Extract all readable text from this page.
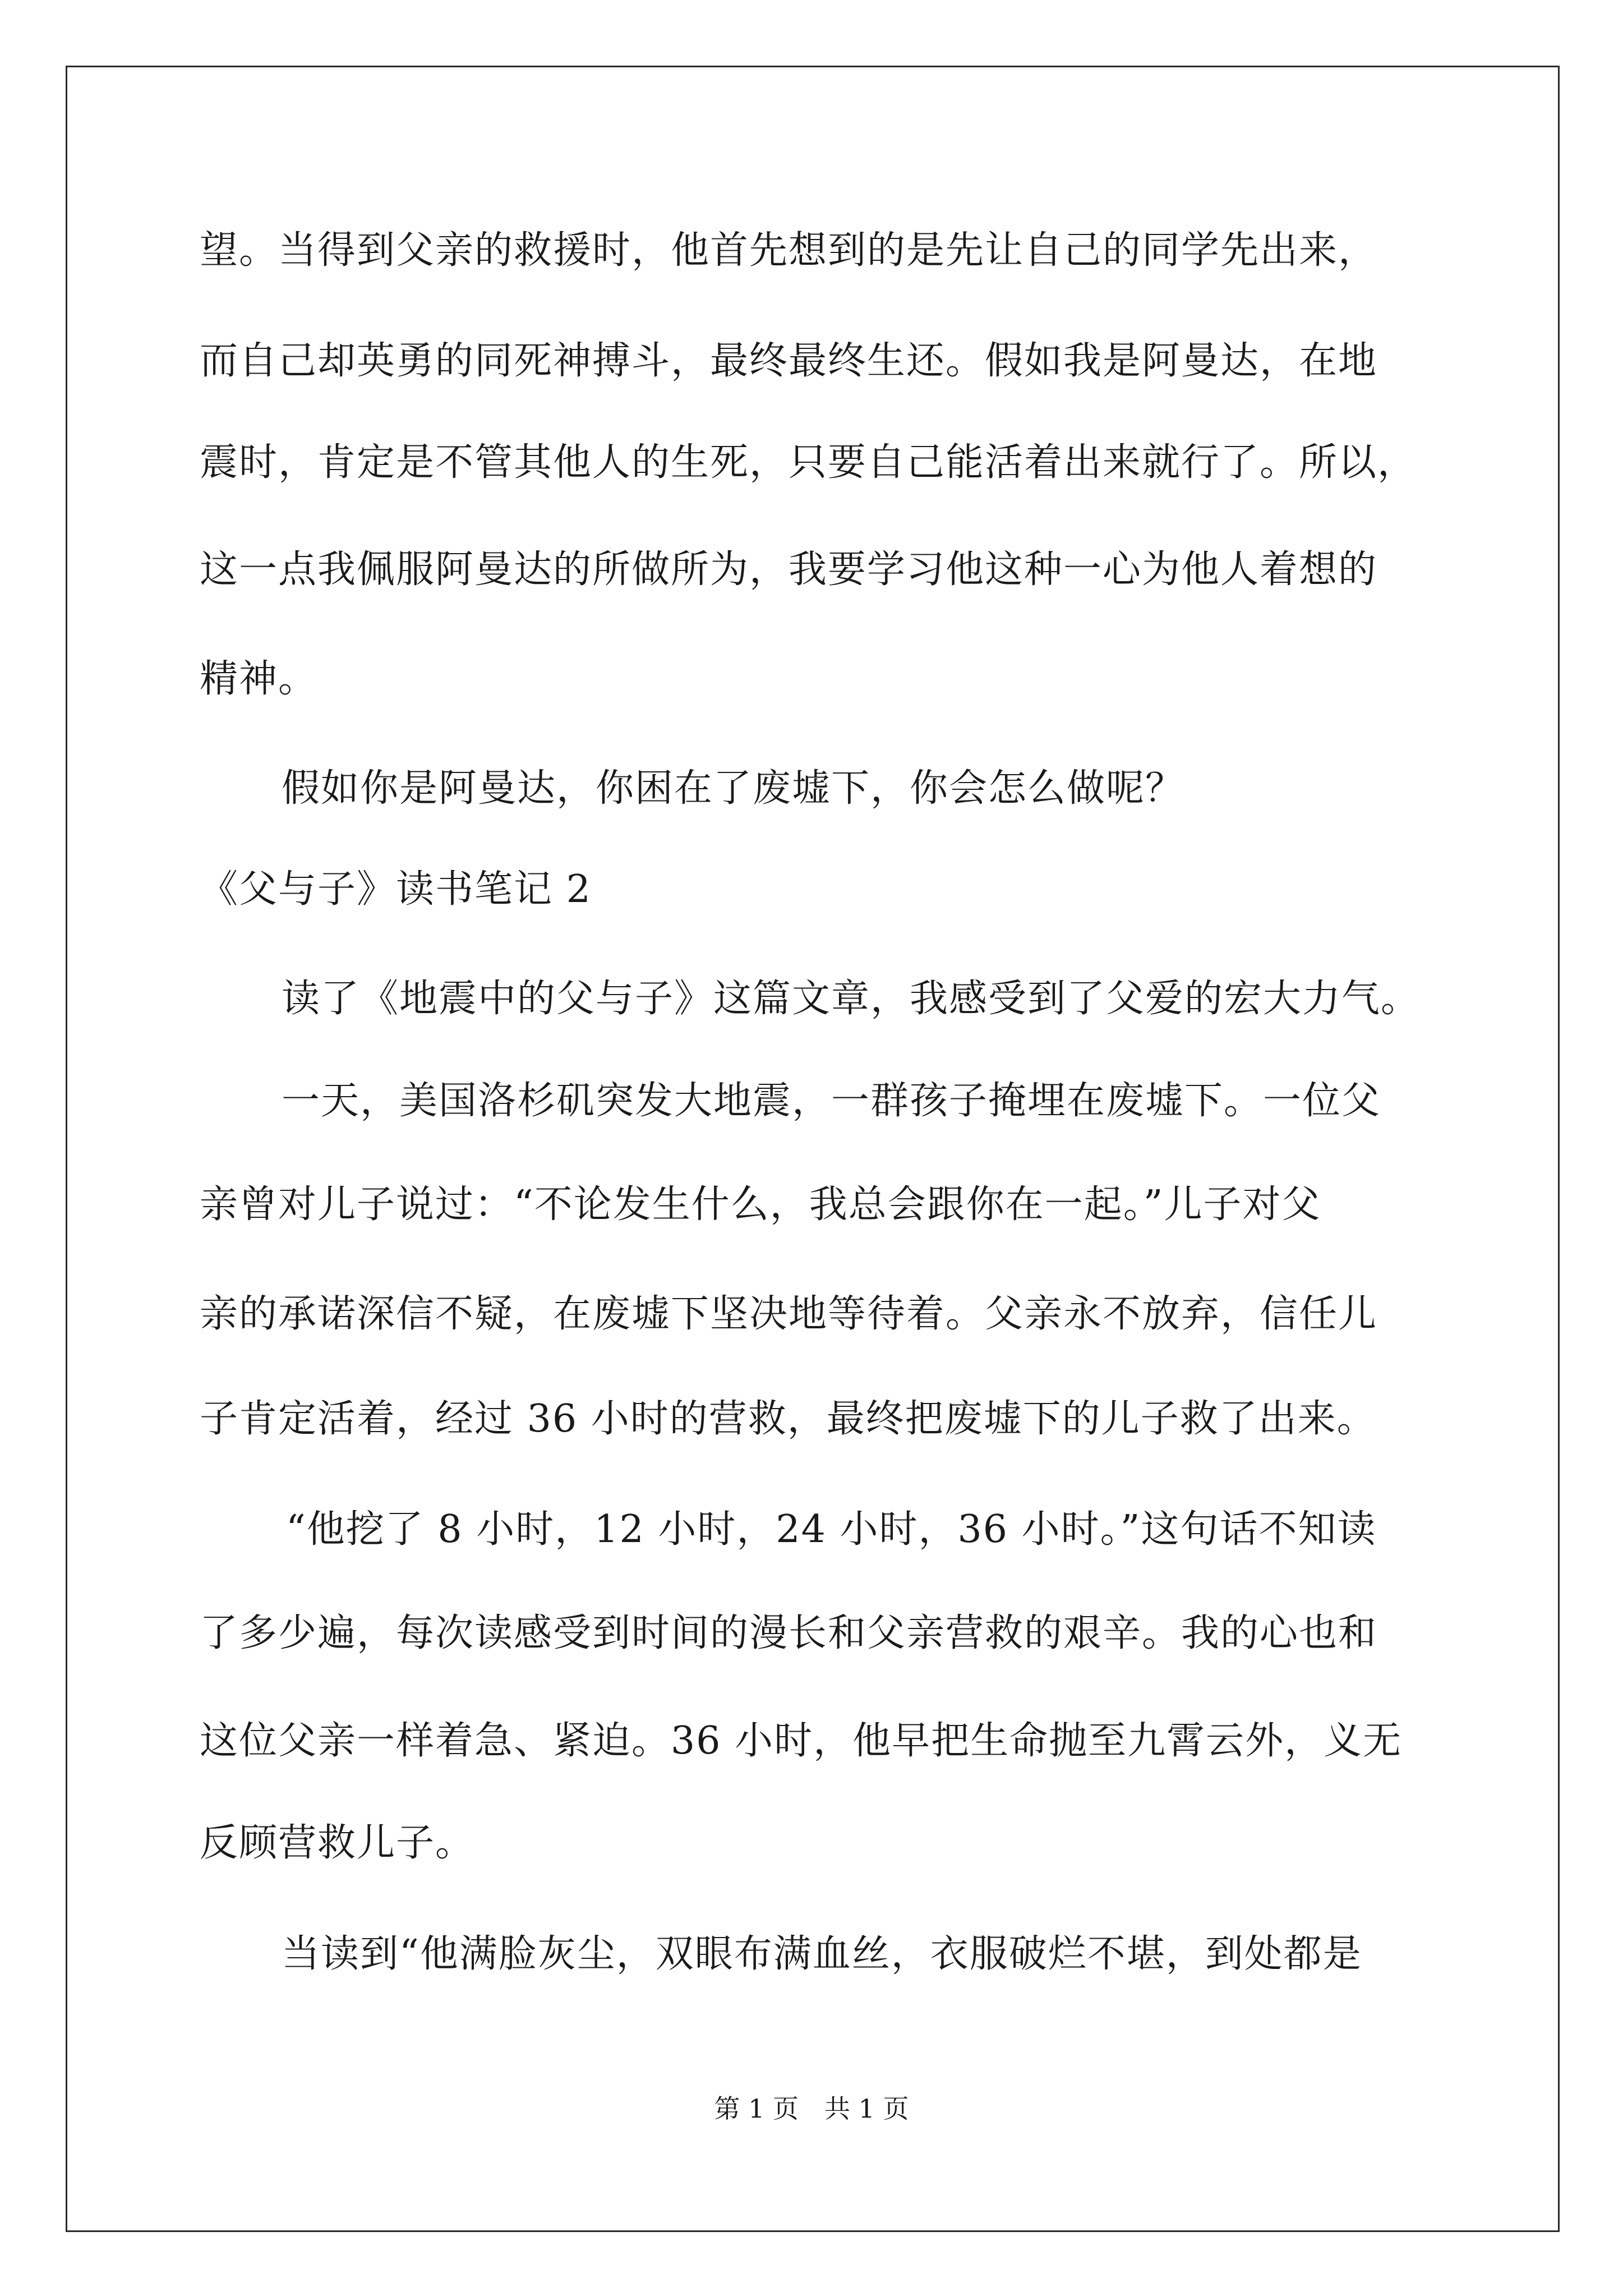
望。当得到父亲的救援时，他首先想到的是先让自己的同学先出来，
而自己却英勇的同死神搏斗，最终最终生还。假如我是阿曼达，在地
震时，肯定是不管其他人的生死，只要自己能活着出来就行了。所以，
这一点我佩服阿曼达的所做所为，我要学习他这种一心为他人着想的
精神。
假如你是阿曼达，你困在了废墟下，你会怎么做呢？
《父与子》读书笔记 2
读了《地震中的父与子》这篇文章，我感受到了父爱的宏大力气。
一天，美国洛杉矶突发大地震，一群孩子掩埋在废墟下。一位父
亲曾对儿子说过：“不论发生什么，我总会跟你在一起。”儿子对父
亲的承诺深信不疑，在废墟下坚决地等待着。父亲永不放弃，信任儿
子肯定活着，经过 36 小时的营救，最终把废墟下的儿子救了出来。
“他挖了 8 小时，12 小时，24 小时，36 小时。”这句话不知读
了多少遍，每次读感受到时间的漫长和父亲营救的艰辛。我的心也和
这位父亲一样着急、紧迫。36 小时，他早把生命抛至九霄云外，义无
反顾营救儿子。
当读到“他满脸灰尘，双眼布满血丝，衣服破烂不堪，到处都是
第 1 页　共 1 页
